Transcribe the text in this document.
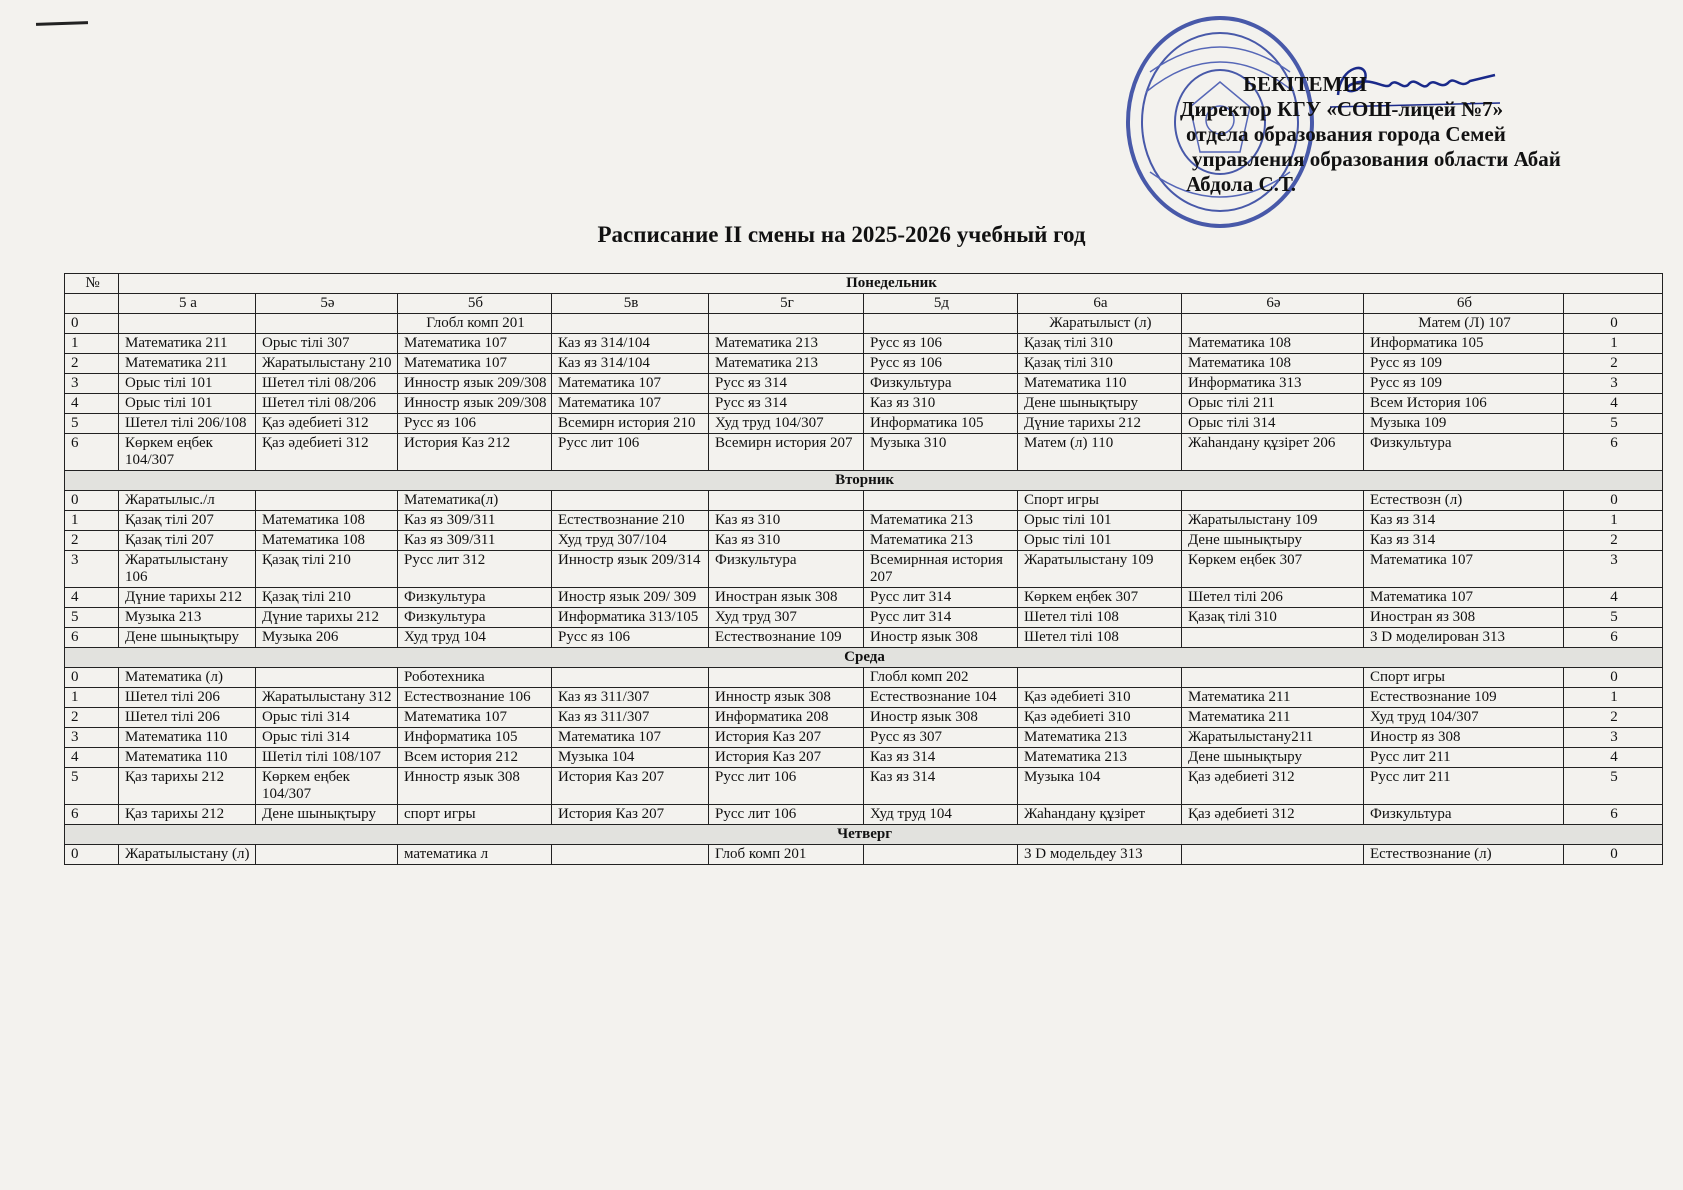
БЕКІТЕМІН
Директор КГУ «СОШ-лицей №7»
отдела образования города Семей
управления образования области Абай
Абдола С.Т.
Расписание II смены на 2025-2026 учебный год
№	Понедельник									
	5 а	5ә	5б	5в	5г	5д	6а	6ә	6б	
0			Глобл комп 201				Жаратылыст (л)		Матем (Л) 107	0
1	Математика 211	Орыс тілі 307	Математика 107	Каз яз 314/104	Математика 213	Русс яз 106	Қазақ тілі 310	Математика 108	Информатика 105	1
2	Математика 211	Жаратылыстану 210	Математика 107	Каз яз 314/104	Математика 213	Русс яз 106	Қазақ тілі 310	Математика 108	Русс яз 109	2
3	Орыс тілі 101	Шетел тілі 08/206	Инностр язык 209/308	Математика 107	Русс яз 314	Физкультура	Математика 110	Информатика 313	Русс яз 109	3
4	Орыс тілі 101	Шетел тілі 08/206	Инностр язык 209/308	Математика 107	Русс яз 314	Каз яз 310	Дене шынықтыру	Орыс тілі 211	Всем История 106	4
5	Шетел тілі 206/108	Қаз әдебиеті 312	Русс яз 106	Всемирн история 210	Худ труд 104/307	Информатика 105	Дүние тарихы 212	Орыс тілі 314	Музыка 109	5
6	Көркем еңбек 104/307	Қаз әдебиеті 312	История Каз 212	Русс лит 106	Всемирн история 207	Музыка 310	Матем (л) 110	Жаһандану құзірет 206	Физкультура	6
Вторник										
0	Жаратылыс./л		Математика(л)				Спорт игры		Естествозн (л)	0
1	Қазақ тілі 207	Математика 108	Каз яз 309/311	Естествознание 210	Каз яз 310	Математика 213	Орыс тілі 101	Жаратылыстану 109	Каз яз 314	1
2	Қазақ тілі 207	Математика 108	Каз яз 309/311	Худ труд 307/104	Каз яз 310	Математика 213	Орыс тілі 101	Дене шынықтыру	Каз яз 314	2
3	Жаратылыстану 106	Қазақ тілі 210	Русс лит 312	Инностр язык 209/314	Физкультура	Всемирнная история 207	Жаратылыстану 109	Көркем еңбек 307	Математика 107	3
4	Дүние тарихы 212	Қазақ тілі 210	Физкультура	Иностр язык 209/ 309	Иностран язык 308	Русс лит 314	Көркем еңбек 307	Шетел тілі 206	Математика 107	4
5	Музыка 213	Дүние тарихы 212	Физкультура	Информатика 313/105	Худ труд 307	Русс лит 314	Шетел тілі 108	Қазақ тілі 310	Иностран яз 308	5
6	Дене шынықтыру	Музыка 206	Худ труд 104	Русс яз 106	Естествознание 109	Иностр язык 308	Шетел тілі 108		3 D моделирован 313	6
Среда										
0	Математика (л)		Роботехника			Глобл комп 202			Спорт игры	0
1	Шетел тілі 206	Жаратылыстану 312	Естествознание 106	Каз яз 311/307	Инностр язык 308	Естествознание 104	Қаз әдебиеті 310	Математика 211	Естествознание 109	1
2	Шетел тілі 206	Орыс тілі 314	Математика 107	Каз яз 311/307	Информатика 208	Иностр язык 308	Қаз әдебиеті 310	Математика 211	Худ труд 104/307	2
3	Математика 110	Орыс тілі 314	Информатика 105	Математика 107	История Каз 207	Русс яз 307	Математика 213	Жаратылыстану211	Иностр яз 308	3
4	Математика 110	Шетіл тілі 108/107	Всем история 212	Музыка 104	История Каз 207	Каз яз 314	Математика 213	Дене шынықтыру	Русс лит 211	4
5	Қаз тарихы 212	Көркем еңбек 104/307	Инностр язык 308	История Каз 207	Русс лит 106	Каз яз 314	Музыка 104	Қаз әдебиеті 312	Русс лит 211	5
6	Қаз тарихы 212	Дене шынықтыру	спорт игры	История Каз 207	Русс лит 106	Худ труд 104	Жаһандану құзірет	Қаз әдебиеті 312	Физкультура	6
Четверг										
0	Жаратылыстану (л)		математика л		Глоб комп 201		3 D модельдеу 313		Естествознание (л)	0
